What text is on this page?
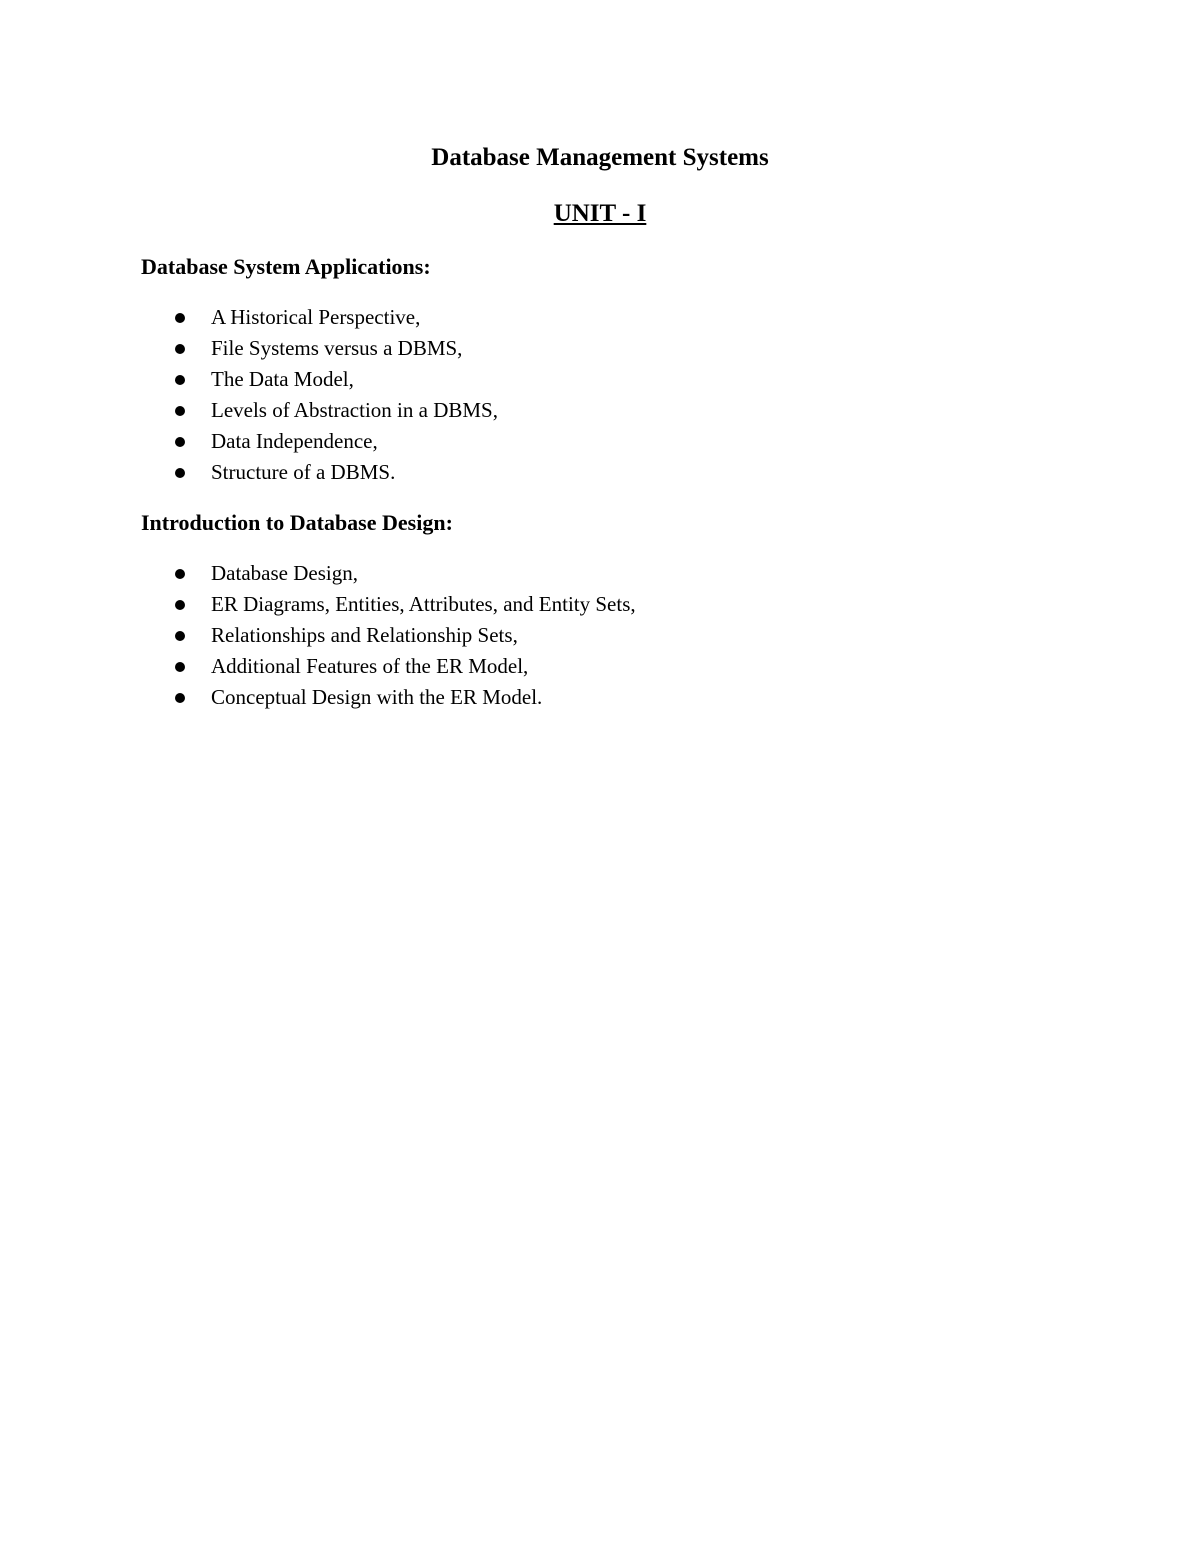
Database Management Systems
UNIT - I
Database System Applications:
A Historical Perspective,
File Systems versus a DBMS,
The Data Model,
Levels of Abstraction in a DBMS,
Data Independence,
Structure of a DBMS.
Introduction to Database Design:
Database Design,
ER Diagrams, Entities, Attributes, and Entity Sets,
Relationships and Relationship Sets,
Additional Features of the ER Model,
Conceptual Design with the ER Model.
